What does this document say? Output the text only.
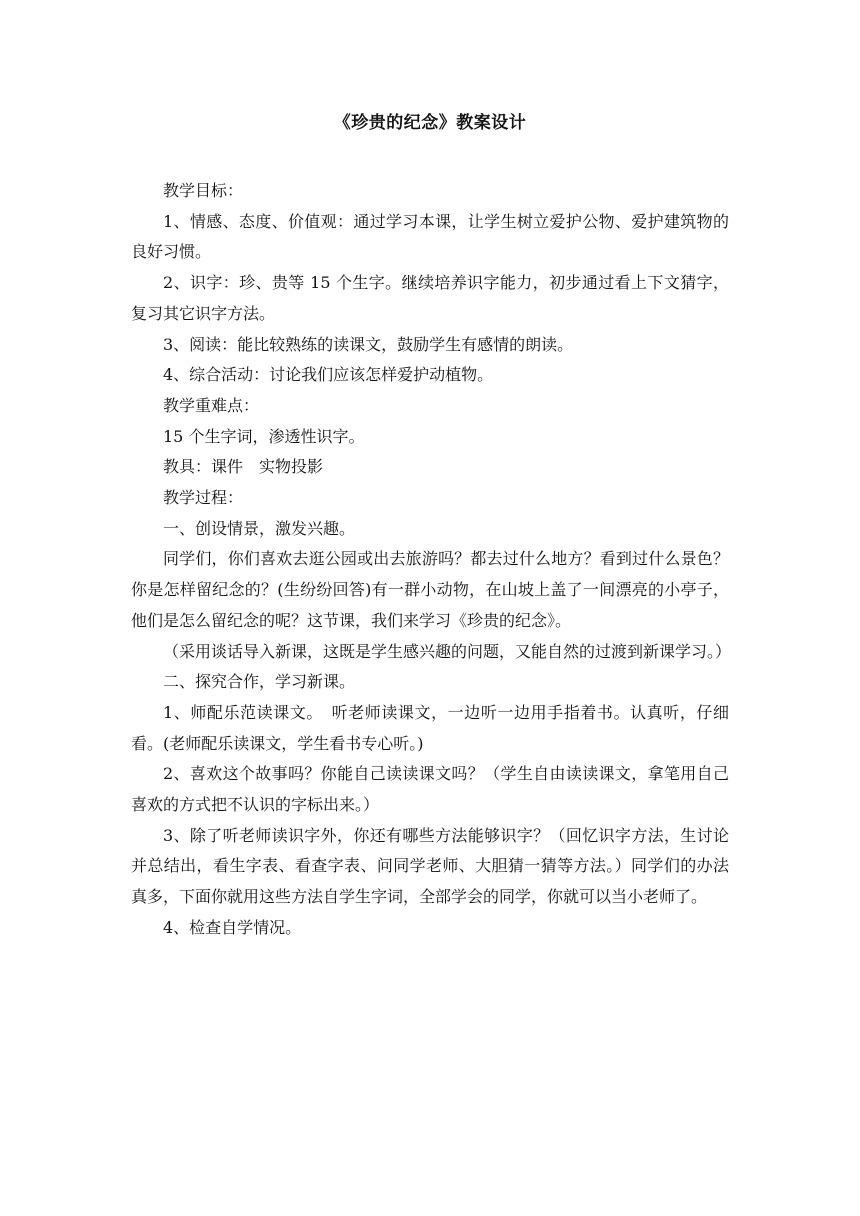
《珍贵的纪念》教案设计

教学目标：

1、情感、态度、价值观：通过学习本课，让学生树立爱护公物、爱护建筑物的良好习惯。

2、识字：珍、贵等 15 个生字。继续培养识字能力，初步通过看上下文猜字，复习其它识字方法。

3、阅读：能比较熟练的读课文，鼓励学生有感情的朗读。

4、综合活动：讨论我们应该怎样爱护动植物。

教学重难点：

15 个生字词，渗透性识字。

教具：课件　实物投影

教学过程：

一、创设情景，激发兴趣。

同学们，你们喜欢去逛公园或出去旅游吗？都去过什么地方？看到过什么景色？你是怎样留纪念的？(生纷纷回答)有一群小动物，在山坡上盖了一间漂亮的小亭子，他们是怎么留纪念的呢？这节课，我们来学习《珍贵的纪念》。

（采用谈话导入新课，这既是学生感兴趣的问题，又能自然的过渡到新课学习。）

二、探究合作，学习新课。

1、师配乐范读课文。　听老师读课文，一边听一边用手指着书。认真听，仔细看。(老师配乐读课文，学生看书专心听。)

2、喜欢这个故事吗？你能自己读读课文吗？（学生自由读读课文，拿笔用自己喜欢的方式把不认识的字标出来。）

3、除了听老师读识字外，你还有哪些方法能够识字？（回忆识字方法，生讨论并总结出，看生字表、看查字表、问同学老师、大胆猜一猜等方法。）同学们的办法真多，下面你就用这些方法自学生字词，全部学会的同学，你就可以当小老师了。

4、检查自学情况。
